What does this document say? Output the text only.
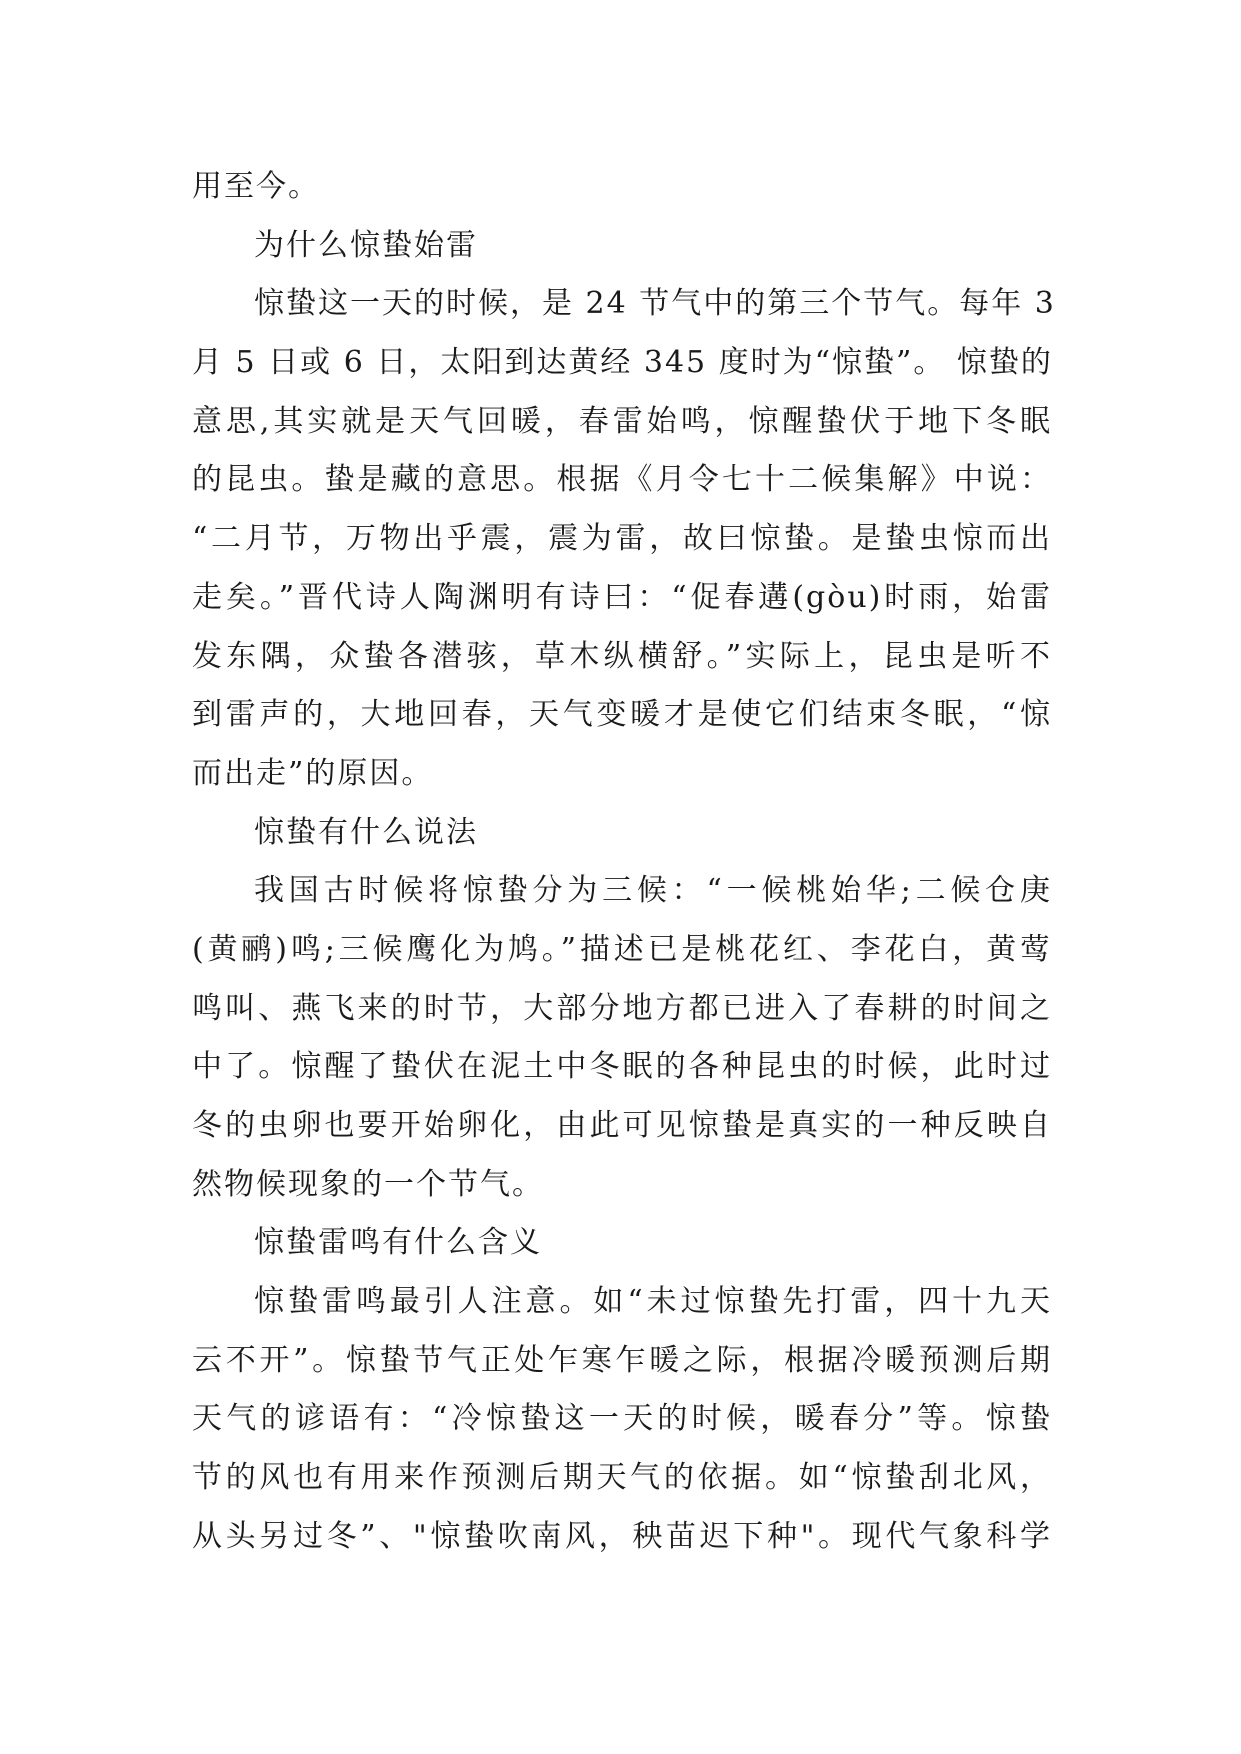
用至今。
为什么惊蛰始雷
惊蛰这一天的时候，是 24 节气中的第三个节气。每年 3
月 5 日或 6 日，太阳到达黄经 345 度时为“惊蛰”。 惊蛰的
意思,其实就是天气回暖，春雷始鸣，惊醒蛰伏于地下冬眠
的昆虫。蛰是藏的意思。根据《月令七十二候集解》中说：
“二月节，万物出乎震，震为雷，故曰惊蛰。是蛰虫惊而出
走矣。”晋代诗人陶渊明有诗曰：“促春遘(gòu)时雨，始雷
发东隅，众蛰各潜骇，草木纵横舒。”实际上，昆虫是听不
到雷声的，大地回春，天气变暖才是使它们结束冬眠，“惊
而出走”的原因。
惊蛰有什么说法
我国古时候将惊蛰分为三候：“一候桃始华;二候仓庚
(黄鹂)鸣;三候鹰化为鸠。”描述已是桃花红、李花白，黄莺
鸣叫、燕飞来的时节，大部分地方都已进入了春耕的时间之
中了。惊醒了蛰伏在泥土中冬眠的各种昆虫的时候，此时过
冬的虫卵也要开始卵化，由此可见惊蛰是真实的一种反映自
然物候现象的一个节气。
惊蛰雷鸣有什么含义
惊蛰雷鸣最引人注意。如“未过惊蛰先打雷，四十九天
云不开”。惊蛰节气正处乍寒乍暖之际，根据冷暖预测后期
天气的谚语有：“冷惊蛰这一天的时候，暖春分”等。惊蛰
节的风也有用来作预测后期天气的依据。如“惊蛰刮北风，
从头另过冬”、"惊蛰吹南风，秧苗迟下种"。现代气象科学
